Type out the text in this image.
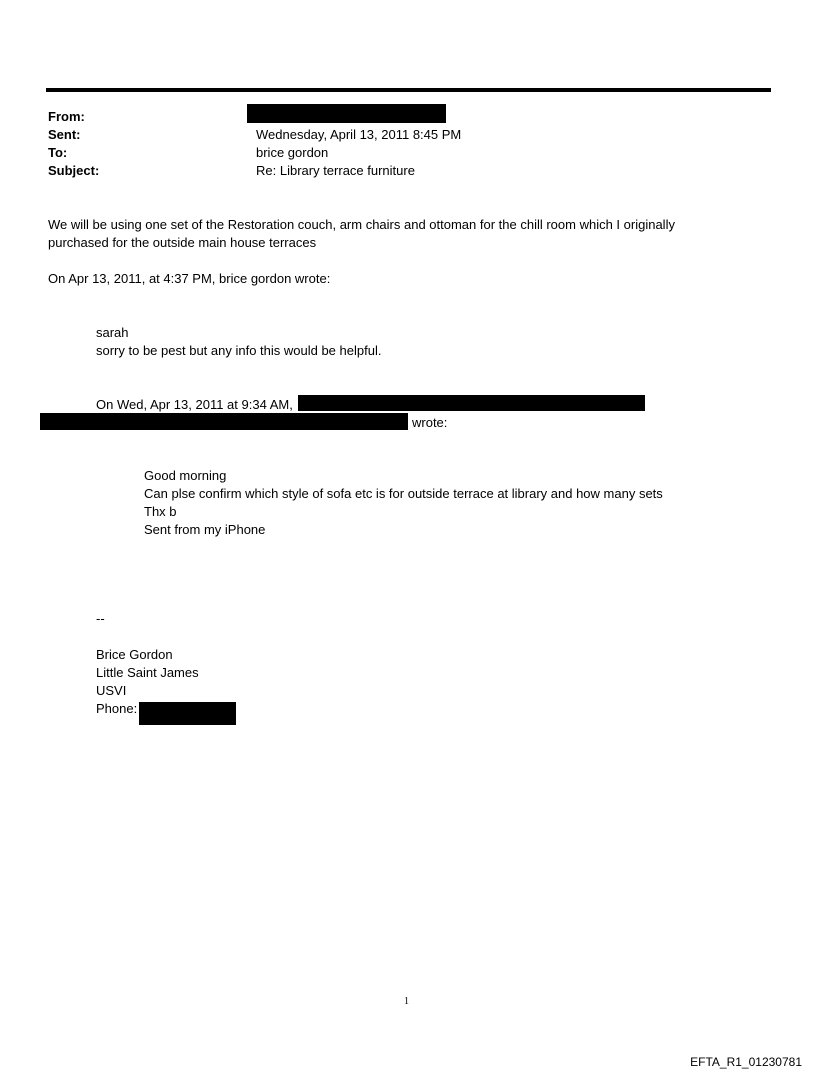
From:
Sent:	Wednesday, April 13, 2011 8:45 PM
To:	brice gordon
Subject:	Re: Library terrace furniture
We will be using one set of the Restoration couch, arm chairs and ottoman for the chill room which I originally
purchased for the outside main house terraces
On Apr 13, 2011, at 4:37 PM, brice gordon wrote:
sarah
sorry to be pest but any info this would be helpful.
On Wed, Apr 13, 2011 at 9:34 AM,
wrote:
Good morning
Can plse confirm which style of sofa etc is for outside terrace at library and how many sets
Thx b
Sent from my iPhone
--
Brice Gordon
Little Saint James
USVI
Phone:
1
EFTA_R1_01230781
